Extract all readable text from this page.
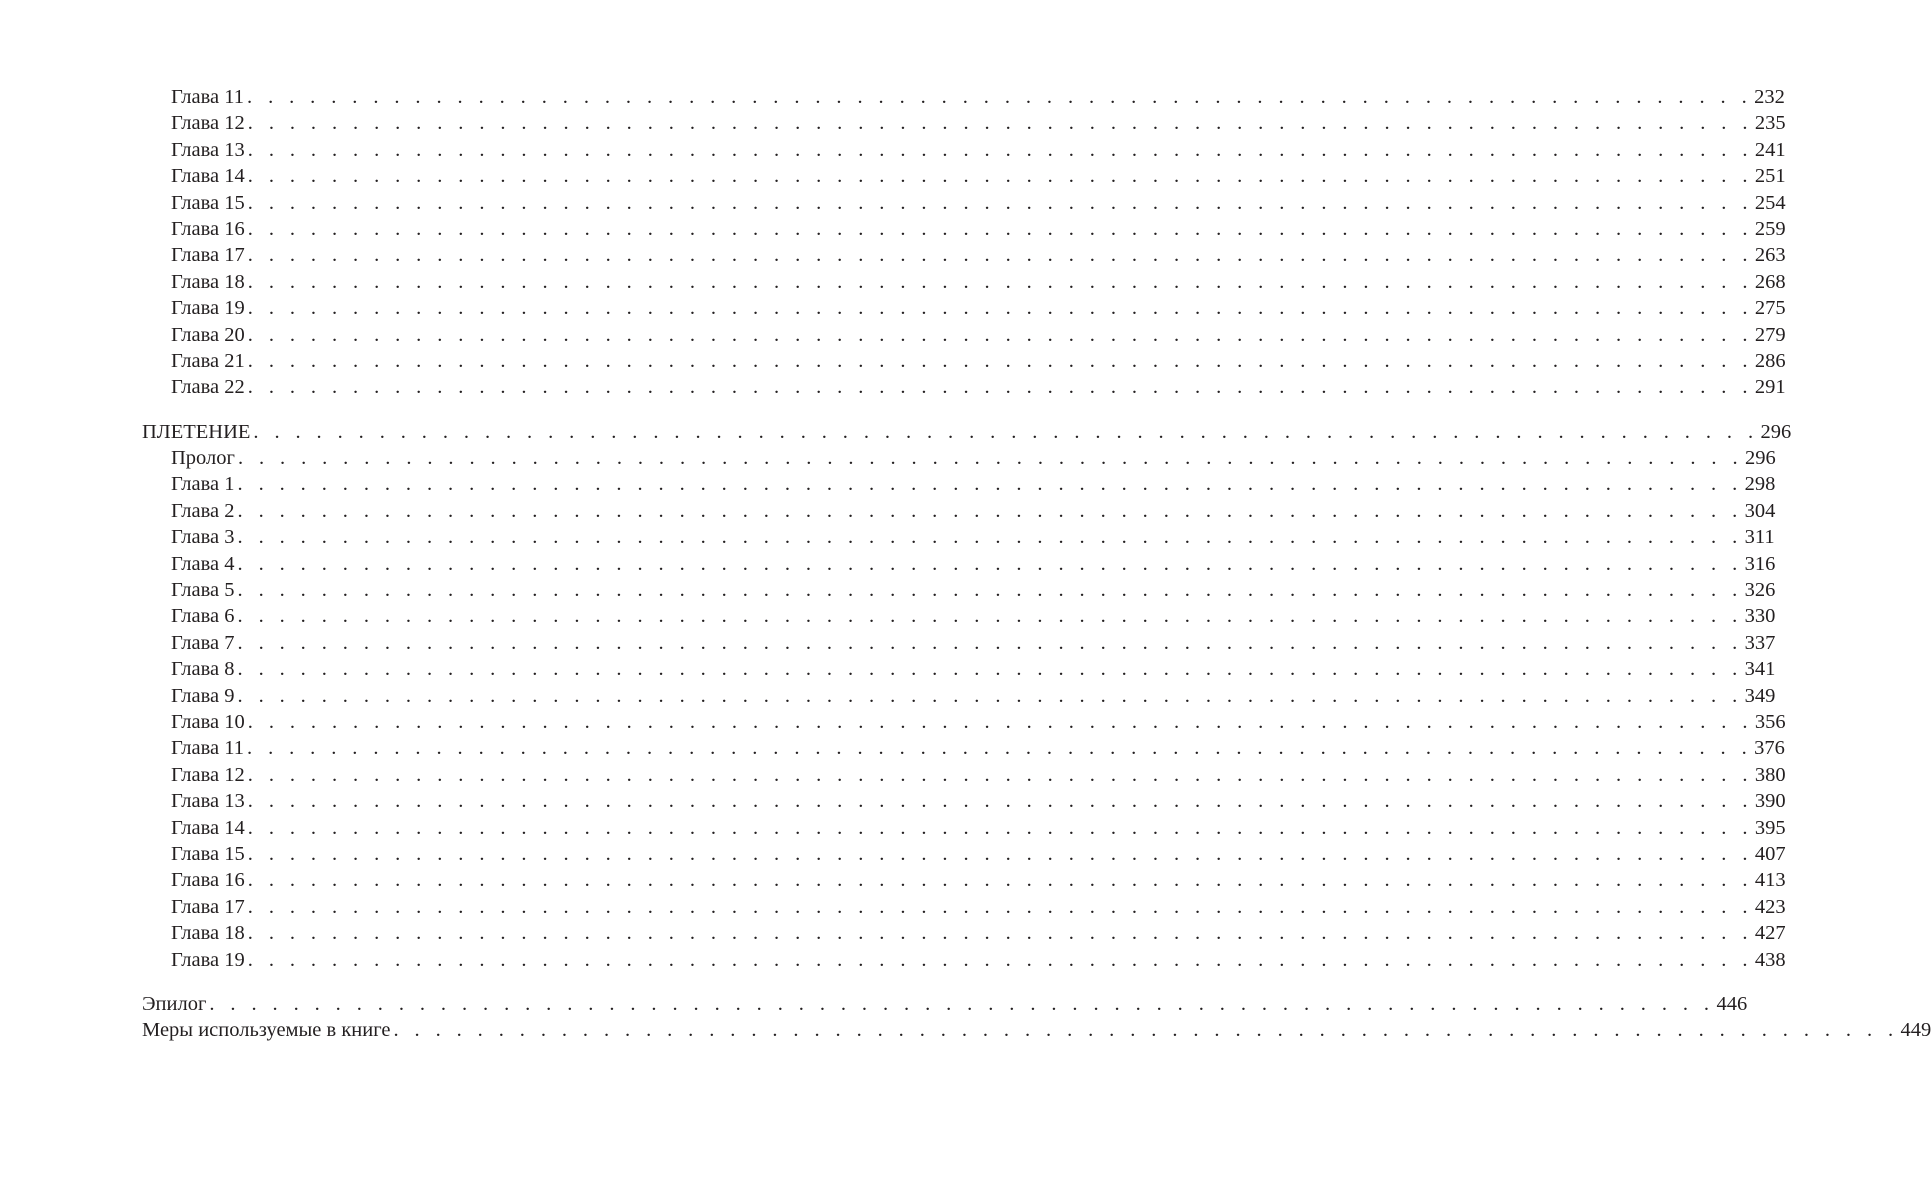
Глава 11 . . . . . . . . . . . . . . . . . . . . . . . . . . . . . . . . . . . . . . . . . . . . . . . . . . . . . . . . . . . . . . . . . . . . . . . . 232
Глава 12 . . . . . . . . . . . . . . . . . . . . . . . . . . . . . . . . . . . . . . . . . . . . . . . . . . . . . . . . . . . . . . . . . . . . . . . . 235
Глава 13 . . . . . . . . . . . . . . . . . . . . . . . . . . . . . . . . . . . . . . . . . . . . . . . . . . . . . . . . . . . . . . . . . . . . . . . . 241
Глава 14 . . . . . . . . . . . . . . . . . . . . . . . . . . . . . . . . . . . . . . . . . . . . . . . . . . . . . . . . . . . . . . . . . . . . . . . . 251
Глава 15 . . . . . . . . . . . . . . . . . . . . . . . . . . . . . . . . . . . . . . . . . . . . . . . . . . . . . . . . . . . . . . . . . . . . . . . . 254
Глава 16 . . . . . . . . . . . . . . . . . . . . . . . . . . . . . . . . . . . . . . . . . . . . . . . . . . . . . . . . . . . . . . . . . . . . . . . . 259
Глава 17 . . . . . . . . . . . . . . . . . . . . . . . . . . . . . . . . . . . . . . . . . . . . . . . . . . . . . . . . . . . . . . . . . . . . . . . . 263
Глава 18 . . . . . . . . . . . . . . . . . . . . . . . . . . . . . . . . . . . . . . . . . . . . . . . . . . . . . . . . . . . . . . . . . . . . . . . . 268
Глава 19 . . . . . . . . . . . . . . . . . . . . . . . . . . . . . . . . . . . . . . . . . . . . . . . . . . . . . . . . . . . . . . . . . . . . . . . . 275
Глава 20 . . . . . . . . . . . . . . . . . . . . . . . . . . . . . . . . . . . . . . . . . . . . . . . . . . . . . . . . . . . . . . . . . . . . . . . . 279
Глава 21 . . . . . . . . . . . . . . . . . . . . . . . . . . . . . . . . . . . . . . . . . . . . . . . . . . . . . . . . . . . . . . . . . . . . . . . . 286
Глава 22 . . . . . . . . . . . . . . . . . . . . . . . . . . . . . . . . . . . . . . . . . . . . . . . . . . . . . . . . . . . . . . . . . . . . . . . . 291
ПЛЕТЕНИЕ . . . . . . . . . . . . . . . . . . . . . . . . . . . . . . . . . . . . . . . . . . . . . . . . . . . . . . . . . . . . . . . . . . . . . . . . 296
Пролог . . . . . . . . . . . . . . . . . . . . . . . . . . . . . . . . . . . . . . . . . . . . . . . . . . . . . . . . . . . . . . . . . . . . . . . . 296
Глава 1 . . . . . . . . . . . . . . . . . . . . . . . . . . . . . . . . . . . . . . . . . . . . . . . . . . . . . . . . . . . . . . . . . . . . . . . . 298
Глава 2 . . . . . . . . . . . . . . . . . . . . . . . . . . . . . . . . . . . . . . . . . . . . . . . . . . . . . . . . . . . . . . . . . . . . . . . . 304
Глава 3 . . . . . . . . . . . . . . . . . . . . . . . . . . . . . . . . . . . . . . . . . . . . . . . . . . . . . . . . . . . . . . . . . . . . . . . . 311
Глава 4 . . . . . . . . . . . . . . . . . . . . . . . . . . . . . . . . . . . . . . . . . . . . . . . . . . . . . . . . . . . . . . . . . . . . . . . . 316
Глава 5 . . . . . . . . . . . . . . . . . . . . . . . . . . . . . . . . . . . . . . . . . . . . . . . . . . . . . . . . . . . . . . . . . . . . . . . . 326
Глава 6 . . . . . . . . . . . . . . . . . . . . . . . . . . . . . . . . . . . . . . . . . . . . . . . . . . . . . . . . . . . . . . . . . . . . . . . . 330
Глава 7 . . . . . . . . . . . . . . . . . . . . . . . . . . . . . . . . . . . . . . . . . . . . . . . . . . . . . . . . . . . . . . . . . . . . . . . . 337
Глава 8 . . . . . . . . . . . . . . . . . . . . . . . . . . . . . . . . . . . . . . . . . . . . . . . . . . . . . . . . . . . . . . . . . . . . . . . . 341
Глава 9 . . . . . . . . . . . . . . . . . . . . . . . . . . . . . . . . . . . . . . . . . . . . . . . . . . . . . . . . . . . . . . . . . . . . . . . . 349
Глава 10 . . . . . . . . . . . . . . . . . . . . . . . . . . . . . . . . . . . . . . . . . . . . . . . . . . . . . . . . . . . . . . . . . . . . . . . . 356
Глава 11 . . . . . . . . . . . . . . . . . . . . . . . . . . . . . . . . . . . . . . . . . . . . . . . . . . . . . . . . . . . . . . . . . . . . . . . . 376
Глава 12 . . . . . . . . . . . . . . . . . . . . . . . . . . . . . . . . . . . . . . . . . . . . . . . . . . . . . . . . . . . . . . . . . . . . . . . . 380
Глава 13 . . . . . . . . . . . . . . . . . . . . . . . . . . . . . . . . . . . . . . . . . . . . . . . . . . . . . . . . . . . . . . . . . . . . . . . . 390
Глава 14 . . . . . . . . . . . . . . . . . . . . . . . . . . . . . . . . . . . . . . . . . . . . . . . . . . . . . . . . . . . . . . . . . . . . . . . . 395
Глава 15 . . . . . . . . . . . . . . . . . . . . . . . . . . . . . . . . . . . . . . . . . . . . . . . . . . . . . . . . . . . . . . . . . . . . . . . . 407
Глава 16 . . . . . . . . . . . . . . . . . . . . . . . . . . . . . . . . . . . . . . . . . . . . . . . . . . . . . . . . . . . . . . . . . . . . . . . . 413
Глава 17 . . . . . . . . . . . . . . . . . . . . . . . . . . . . . . . . . . . . . . . . . . . . . . . . . . . . . . . . . . . . . . . . . . . . . . . . 423
Глава 18 . . . . . . . . . . . . . . . . . . . . . . . . . . . . . . . . . . . . . . . . . . . . . . . . . . . . . . . . . . . . . . . . . . . . . . . . 427
Глава 19 . . . . . . . . . . . . . . . . . . . . . . . . . . . . . . . . . . . . . . . . . . . . . . . . . . . . . . . . . . . . . . . . . . . . . . . . 438
Эпилог . . . . . . . . . . . . . . . . . . . . . . . . . . . . . . . . . . . . . . . . . . . . . . . . . . . . . . . . . . . . . . . . . . . . . . . . 446
Меры используемые в книге . . . . . . . . . . . . . . . . . . . . . . . . . . . . . . . . . . . . . . . . . . . . . . . . . . . . . . . . . . . . . . . . . . . . . . . . 449
